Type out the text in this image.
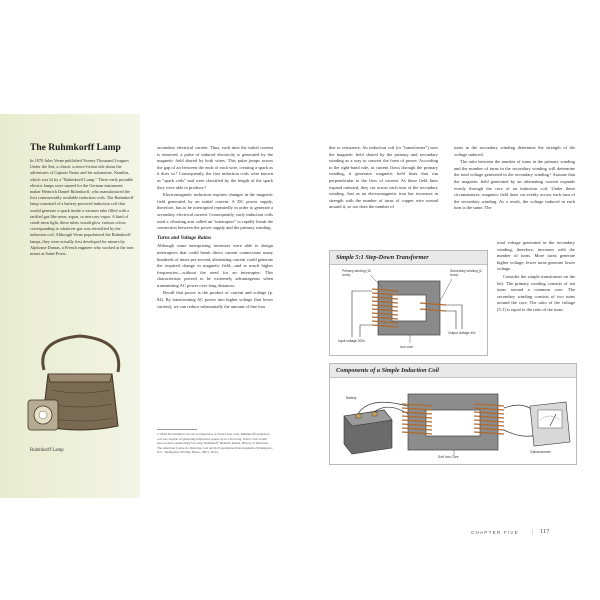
The Ruhmkorff Lamp
In 1870 Jules Verne published Twenty Thousand Leagues Under the Sea, a classic science-fiction tale about the adventures of Captain Nemo and his submarine, Nautilus, which was lit by a "Ruhmkorff Lamp." These early portable electric lamps were named for the German instrument maker Heinrich Daniel Ruhmkorff, who manufactured the first commercially available induction coils. The Ruhmkorff lamp consisted of a battery-powered induction coil that would generate a spark inside a vacuum tube filled with a rarified gas like neon, argon, or mercury vapor. A kind of crude neon light, these tubes would glow various colors corresponding to whatever gas was electrified by the induction coil. Although Verne popularized the Ruhmkorff lamps, they were actually first developed for miners by Alphonse Dumas, a French engineer who worked at the iron mines at Saint-Priest.
Ruhmkorff Lamp

secondary electrical current. Thus, each time the initial current is removed, a pulse of induced electricity is generated by the magnetic field shared by both wires. This pulse jumps across the gap of air between the ends of each wire, creating a spark as it does so.¹ Consequently, the first induction coils were known as "spark coils" and were classified by the length of the spark they were able to produce.²

Electromagnetic induction requires changes in the magnetic field generated by an initial current. A DC power supply, therefore, has to be interrupted repeatedly in order to generate a secondary electrical current. Consequently, early induction coils used a vibrating arm called an "interrupter" to rapidly break the connection between the power supply and the primary winding.

Turns and Voltage Ratios

Although some enterprising inventors were able to design interrupters that could break direct current connections many hundreds of times per second, alternating current could generate the required change in magnetic field—and at much higher frequencies—without the need for an interrupter. This characteristic proved to be extremely advantageous when transmitting AC power over long distances.

Recall that power is the product of current and voltage (p. 84). By transforming AC power into higher voltage (but lower current), we can reduce substantially the amount of line loss

1 While his invention was not as impressive as Tesla's later coils, Ruhmkorff's induction coil was capable of generating impressive sparks up to a foot long. Tesla's coils would later produce sparks many feet long. Ruhmkorff, Heinrich Daniel, History of Induction. The American Centre for Induction Coil and Its Experimental Developments (Washington, D.C.: Intelligence Printing House, 1867), 38-44.

due to resistance. An induction coil (or "transformer") uses the magnetic field shared by the primary and secondary winding as a way to convert the form of power. According to the right-hand rule, as current flows through the primary winding, it generates magnetic field lines that run perpendicular to the flow of current. As these field lines expand outward, they cut across each turn of the secondary winding. Just as an electromagnetic iron bar increases in strength with the number of turns of copper wire wound around it, so too does the number of

turns in the secondary winding determine the strength of the voltage induced.

The ratio between the number of turns in the primary winding and the number of turns in the secondary winding will determine the total voltage generated in the secondary winding.¹ Assume that the magnetic field generated by an alternating current expands evenly through the core of an induction coil. Under these circumstances, magnetic field lines cut evenly across each turn of the secondary winding. As a result, the voltage induced in each turn is the same. The

total voltage generated in the secondary winding, therefore, increases with the number of turns. More turns generate higher voltage; fewer turns generate lower voltage.

Consider the simple transformer on the left. The primary winding consists of ten turns around a common core. The secondary winding consists of two turns around the core. The ratio of the voltage (5:1) is equal to the ratio of the turns

Simple 5:1 Step-Down Transformer
Primary winding (10 turns)
Secondary winding (2 turns)
Input voltage 200v
Iron core
Output voltage 40v
Components of a Simple Induction Coil
Battery
Soft Iron Core
Galvanometer
CHAPTER FIVE | 117
